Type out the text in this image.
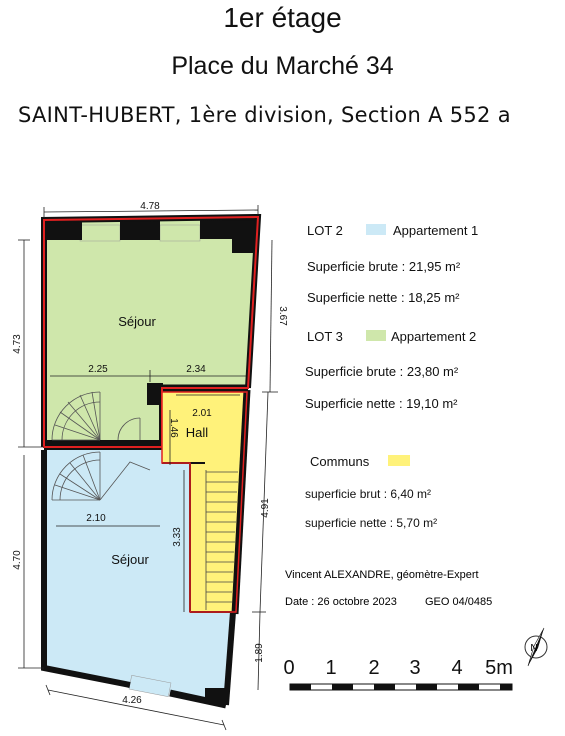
1er étage
Place du Marché 34
SAINT-HUBERT, 1ère division, Section A 552 a
4.78
4.73
4.70
3.67
4.91
1.89
4.26
2.25	2.34
2.01
1.46
2.10
3.33
Séjour
Hall
Séjour
LOT 2	Appartement 1
Superficie brute : 21,95 m²
Superficie nette : 18,25 m²
LOT 3	Appartement 2
Superficie brute : 23,80 m²
Superficie nette : 19,10 m²
Communs
superficie brut : 6,40 m²
superficie nette : 5,70 m²
Vincent ALEXANDRE, géomètre-Expert
Date : 26 octobre 2023	GEO 04/0485
0 1 2 3 4 5m
N
